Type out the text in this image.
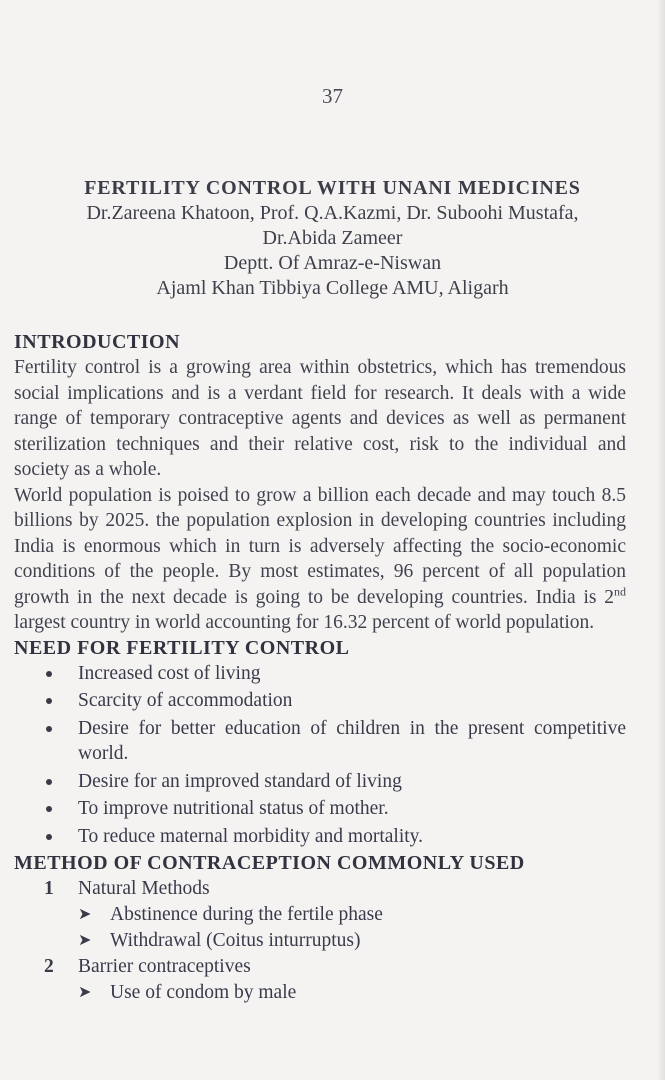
37
FERTILITY CONTROL WITH UNANI MEDICINES
Dr.Zareena Khatoon, Prof. Q.A.Kazmi, Dr. Suboohi Mustafa,
Dr.Abida Zameer
Deptt. Of Amraz-e-Niswan
Ajaml Khan Tibbiya College AMU, Aligarh
INTRODUCTION
Fertility control is a growing area within obstetrics, which has tremendous social implications and is a verdant field for research. It deals with a wide range of temporary contraceptive agents and devices as well as permanent sterilization techniques and their relative cost, risk to the individual and society as a whole.
World population is poised to grow a billion each decade and may touch 8.5 billions by 2025. the population explosion in developing countries including India is enormous which in turn is adversely affecting the socio-economic conditions of the people. By most estimates, 96 percent of all population growth in the next decade is going to be developing countries. India is 2nd largest country in world accounting for 16.32 percent of world population.
NEED FOR FERTILITY CONTROL
Increased cost of living
Scarcity of accommodation
Desire for better education of children in the present competitive world.
Desire for an improved standard of living
To improve nutritional status of mother.
To reduce maternal morbidity and mortality.
METHOD OF CONTRACEPTION COMMONLY USED
1 Natural Methods
➤ Abstinence during the fertile phase
➤ Withdrawal (Coitus inturruptus)
2 Barrier contraceptives
➤ Use of condom by male
